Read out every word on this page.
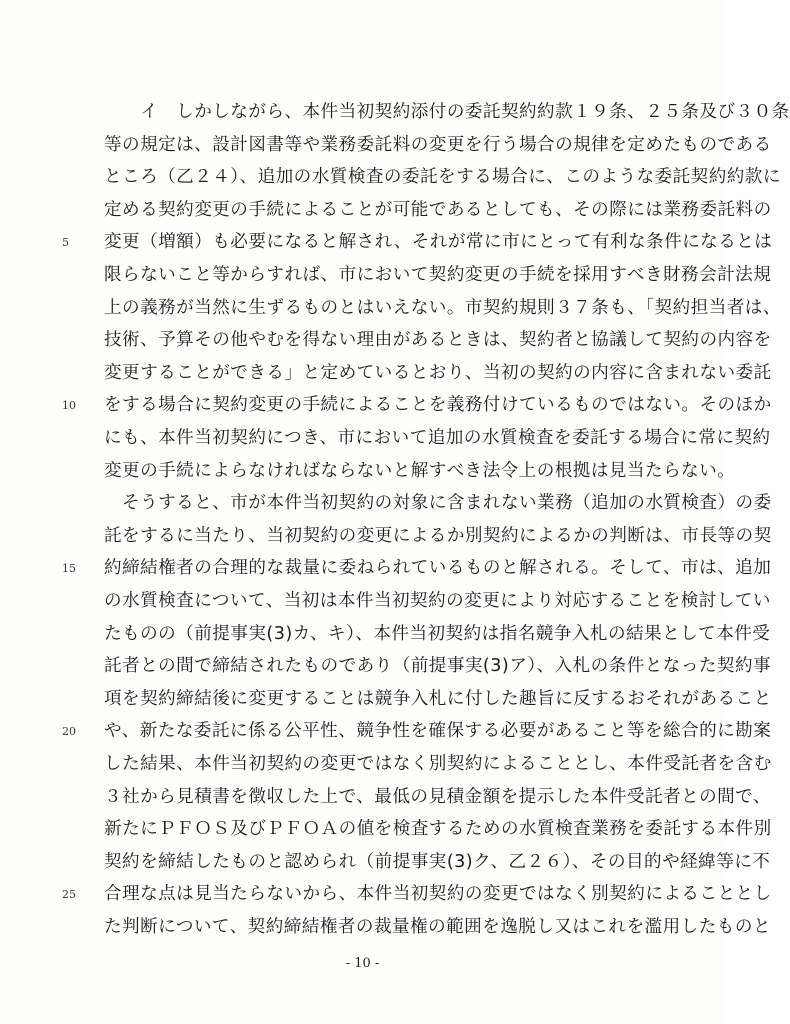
　　イ　しかしながら、本件当初契約添付の委託契約約款１９条、２５条及び３０条
等の規定は、設計図書等や業務委託料の変更を行う場合の規律を定めたものである
ところ（乙２４）、追加の水質検査の委託をする場合に、このような委託契約約款に
定める契約変更の手続によることが可能であるとしても、その際には業務委託料の
変更（増額）も必要になると解され、それが常に市にとって有利な条件になるとは
限らないこと等からすれば、市において契約変更の手続を採用すべき財務会計法規
上の義務が当然に生ずるものとはいえない。市契約規則３７条も、「契約担当者は、
技術、予算その他やむを得ない理由があるときは、契約者と協議して契約の内容を
変更することができる」と定めているとおり、当初の契約の内容に含まれない委託
をする場合に契約変更の手続によることを義務付けているものではない。そのほか
にも、本件当初契約につき、市において追加の水質検査を委託する場合に常に契約
変更の手続によらなければならないと解すべき法令上の根拠は見当たらない。
　そうすると、市が本件当初契約の対象に含まれない業務（追加の水質検査）の委
託をするに当たり、当初契約の変更によるか別契約によるかの判断は、市長等の契
約締結権者の合理的な裁量に委ねられているものと解される。そして、市は、追加
の水質検査について、当初は本件当初契約の変更により対応することを検討してい
たものの（前提事実(3)カ、キ）、本件当初契約は指名競争入札の結果として本件受
託者との間で締結されたものであり（前提事実(3)ア）、入札の条件となった契約事
項を契約締結後に変更することは競争入札に付した趣旨に反するおそれがあること
や、新たな委託に係る公平性、競争性を確保する必要があること等を総合的に勘案
した結果、本件当初契約の変更ではなく別契約によることとし、本件受託者を含む
３社から見積書を徴収した上で、最低の見積金額を提示した本件受託者との間で、
新たにＰＦＯＳ及びＰＦＯＡの値を検査するための水質検査業務を委託する本件別
契約を締結したものと認められ（前提事実(3)ク、乙２６）、その目的や経緯等に不
合理な点は見当たらないから、本件当初契約の変更ではなく別契約によることとし
た判断について、契約締結権者の裁量権の範囲を逸脱し又はこれを濫用したものと
5
10
15
20
25
- 10 -
